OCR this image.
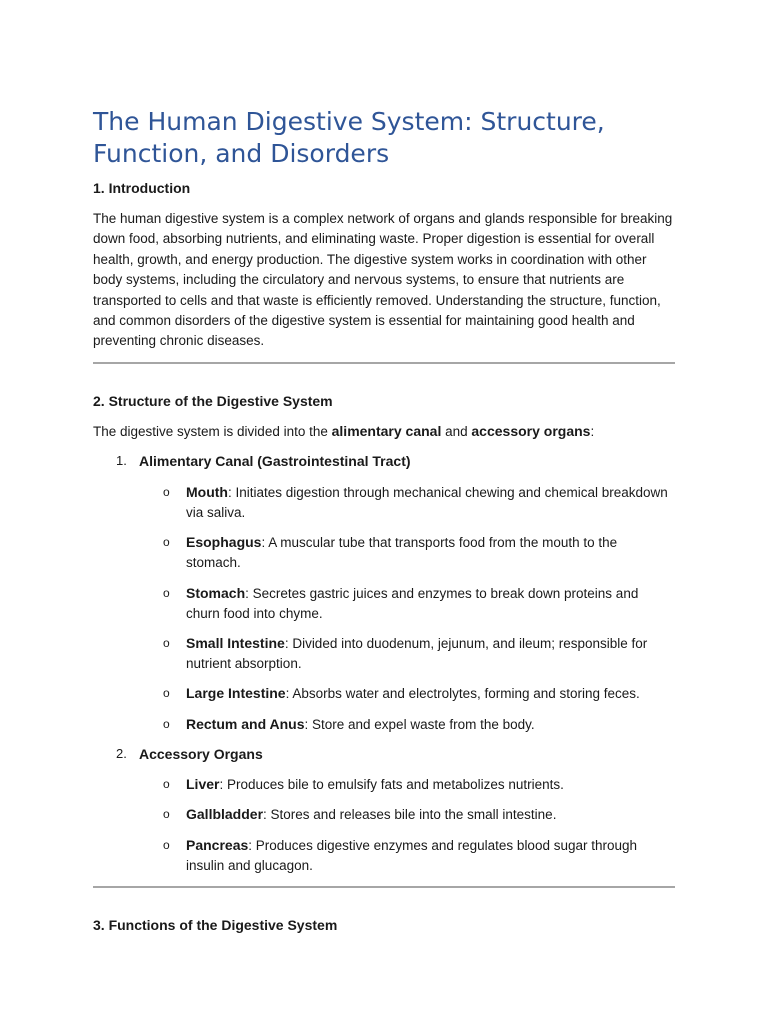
The Human Digestive System: Structure, Function, and Disorders
1. Introduction

The human digestive system is a complex network of organs and glands responsible for breaking down food, absorbing nutrients, and eliminating waste. Proper digestion is essential for overall health, growth, and energy production. The digestive system works in coordination with other body systems, including the circulatory and nervous systems, to ensure that nutrients are transported to cells and that waste is efficiently removed. Understanding the structure, function, and common disorders of the digestive system is essential for maintaining good health and preventing chronic diseases.

2. Structure of the Digestive System

The digestive system is divided into the alimentary canal and accessory organs:

1. Alimentary Canal (Gastrointestinal Tract)
o	Mouth: Initiates digestion through mechanical chewing and chemical breakdown via saliva.
o	Esophagus: A muscular tube that transports food from the mouth to the stomach.
o	Stomach: Secretes gastric juices and enzymes to break down proteins and churn food into chyme.
o	Small Intestine: Divided into duodenum, jejunum, and ileum; responsible for nutrient absorption.
o	Large Intestine: Absorbs water and electrolytes, forming and storing feces.
o	Rectum and Anus: Store and expel waste from the body.
2. Accessory Organs
o	Liver: Produces bile to emulsify fats and metabolizes nutrients.
o	Gallbladder: Stores and releases bile into the small intestine.
o	Pancreas: Produces digestive enzymes and regulates blood sugar through insulin and glucagon.
3. Functions of the Digestive System
